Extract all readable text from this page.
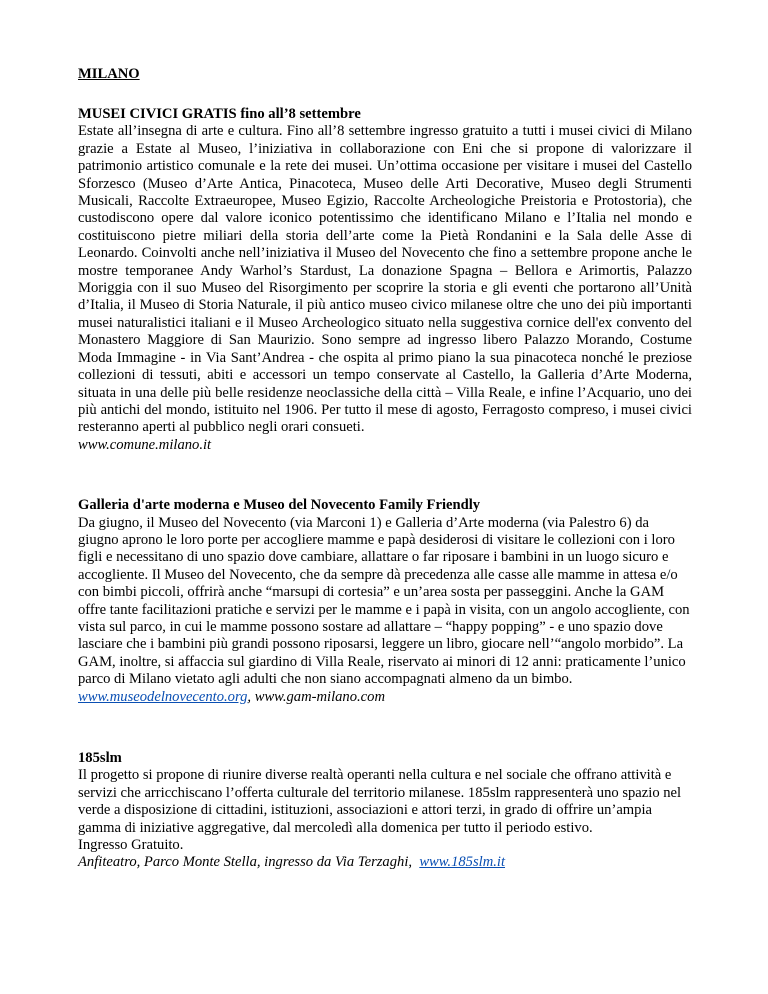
MILANO

MUSEI CIVICI GRATIS fino all’8 settembre

Estate all’insegna di arte e cultura. Fino all’8 settembre ingresso gratuito a tutti i musei civici di Milano grazie a Estate al Museo, l’iniziativa in collaborazione con Eni che si propone di valorizzare il patrimonio artistico comunale e la rete dei musei. Un’ottima occasione per visitare i musei del Castello Sforzesco (Museo d’Arte Antica, Pinacoteca, Museo delle Arti Decorative, Museo degli Strumenti Musicali, Raccolte Extraeuropee, Museo Egizio, Raccolte Archeologiche Preistoria e Protostoria), che custodiscono opere dal valore iconico potentissimo che identificano Milano e l’Italia nel mondo e costituiscono pietre miliari della storia dell’arte come la Pietà Rondanini e la Sala delle Asse di Leonardo. Coinvolti anche nell’iniziativa il Museo del Novecento che fino a settembre propone anche le mostre temporanee Andy Warhol’s Stardust, La donazione Spagna – Bellora e Arimortis, Palazzo Moriggia con il suo Museo del Risorgimento per scoprire la storia e gli eventi che portarono all’Unità d’Italia, il Museo di Storia Naturale, il più antico museo civico milanese oltre che uno dei più importanti musei naturalistici italiani e il Museo Archeologico situato nella suggestiva cornice dell'ex convento del Monastero Maggiore di San Maurizio. Sono sempre ad ingresso libero Palazzo Morando, Costume Moda Immagine - in Via Sant’Andrea - che ospita al primo piano la sua pinacoteca nonché le preziose collezioni di tessuti, abiti e accessori un tempo conservate al Castello, la Galleria d’Arte Moderna, situata in una delle più belle residenze neoclassiche della città – Villa Reale, e infine l’Acquario, uno dei più antichi del mondo, istituito nel 1906. Per tutto il mese di agosto, Ferragosto compreso, i musei civici resteranno aperti al pubblico negli orari consueti.

www.comune.milano.it

Galleria d'arte moderna e Museo del Novecento Family Friendly

Da giugno, il Museo del Novecento (via Marconi 1) e Galleria d’Arte moderna (via Palestro 6) da giugno aprono le loro porte per accogliere mamme e papà desiderosi di visitare le collezioni con i loro figli e necessitano di uno spazio dove cambiare, allattare o far riposare i bambini in un luogo sicuro e accogliente. Il Museo del Novecento, che da sempre dà precedenza alle casse alle mamme in attesa e/o con bimbi piccoli, offrirà anche “marsupi di cortesia” e un’area sosta per passeggini. Anche la GAM offre tante facilitazioni pratiche e servizi per le mamme e i papà in visita, con un angolo accogliente, con vista sul parco, in cui le mamme possono sostare ad allattare – “happy popping” - e uno spazio dove lasciare che i bambini più grandi possono riposarsi, leggere un libro, giocare nell’“angolo morbido”. La GAM, inoltre, si affaccia sul giardino di Villa Reale, riservato ai minori di 12 anni: praticamente l’unico parco di Milano vietato agli adulti che non siano accompagnati almeno da un bimbo.

www.museodelnovecento.org, www.gam-milano.com

185slm

Il progetto si propone di riunire diverse realtà operanti nella cultura e nel sociale che offrano attività e servizi che arricchiscano l’offerta culturale del territorio milanese. 185slm rappresenterà uno spazio nel verde a disposizione di cittadini, istituzioni, associazioni e attori terzi, in grado di offrire un’ampia gamma di iniziative aggregative, dal mercoledì alla domenica per tutto il periodo estivo.

Ingresso Gratuito.

Anfiteatro, Parco Monte Stella, ingresso da Via Terzaghi,  www.185slm.it
